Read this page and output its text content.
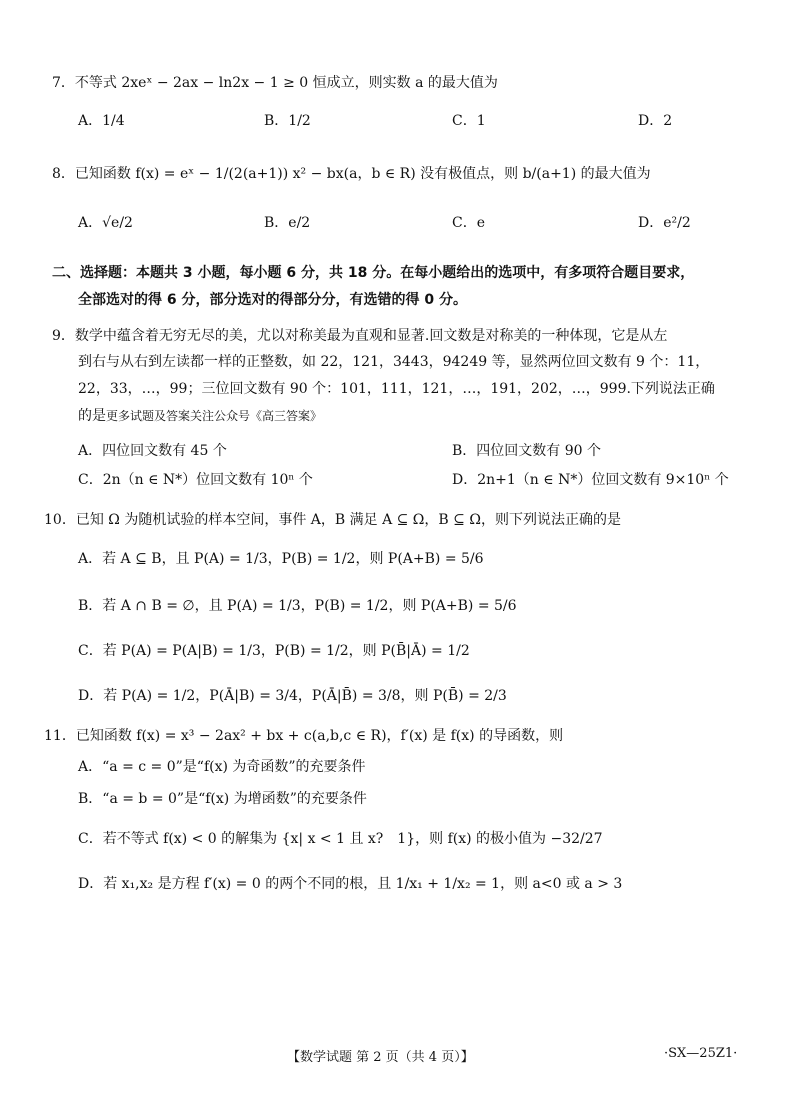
7．不等式 2xeˣ − 2ax − ln2x − 1 ≥ 0 恒成立，则实数 a 的最大值为
A．1/4	B．1/2	C．1	D．2
8．已知函数 f(x) = eˣ − 1/(2(a+1)) x² − bx(a，b ∈ R) 没有极值点，则 b/(a+1) 的最大值为
A．√e/2	B．e/2	C．e	D．e²/2
二、选择题：本题共 3 小题，每小题 6 分，共 18 分。在每小题给出的选项中，有多项符合题目要求，
全部选对的得 6 分，部分选对的得部分分，有选错的得 0 分。
9．数学中蕴含着无穷无尽的美，尤以对称美最为直观和显著.回文数是对称美的一种体现，它是从左
到右与从右到左读都一样的正整数，如 22，121，3443，94249 等，显然两位回文数有 9 个：11，
22，33，…，99；三位回文数有 90 个：101，111，121，…，191，202，…，999.下列说法正确
的是更多试题及答案关注公众号《高三答案》
A．四位回文数有 45 个	B．四位回文数有 90 个
C．2n（n ∈ N*）位回文数有 10ⁿ 个	D．2n+1（n ∈ N*）位回文数有 9×10ⁿ 个
10．已知 Ω 为随机试验的样本空间，事件 A，B 满足 A ⊆ Ω，B ⊆ Ω，则下列说法正确的是
A．若 A ⊆ B，且 P(A) = 1/3，P(B) = 1/2，则 P(A+B) = 5/6
B．若 A ∩ B = ∅，且 P(A) = 1/3，P(B) = 1/2，则 P(A+B) = 5/6
C．若 P(A) = P(A|B) = 1/3，P(B) = 1/2，则 P(B̄|Ā) = 1/2
D．若 P(A) = 1/2，P(Ā|B) = 3/4，P(Ā|B̄) = 3/8，则 P(B̄) = 2/3
11．已知函数 f(x) = x³ − 2ax² + bx + c(a,b,c ∈ R)，f′(x) 是 f(x) 的导函数，则
A．“a = c = 0”是“f(x) 为奇函数”的充要条件
B．“a = b = 0”是“f(x) 为增函数”的充要条件
C．若不等式 f(x) < 0 的解集为 {x| x < 1 且 x?　1}，则 f(x) 的极小值为 −32/27
D．若 x₁,x₂ 是方程 f′(x) = 0 的两个不同的根，且 1/x₁ + 1/x₂ = 1，则 a<0 或 a > 3
【数学试题 第 2 页（共 4 页）】	·SX—25Z1·
